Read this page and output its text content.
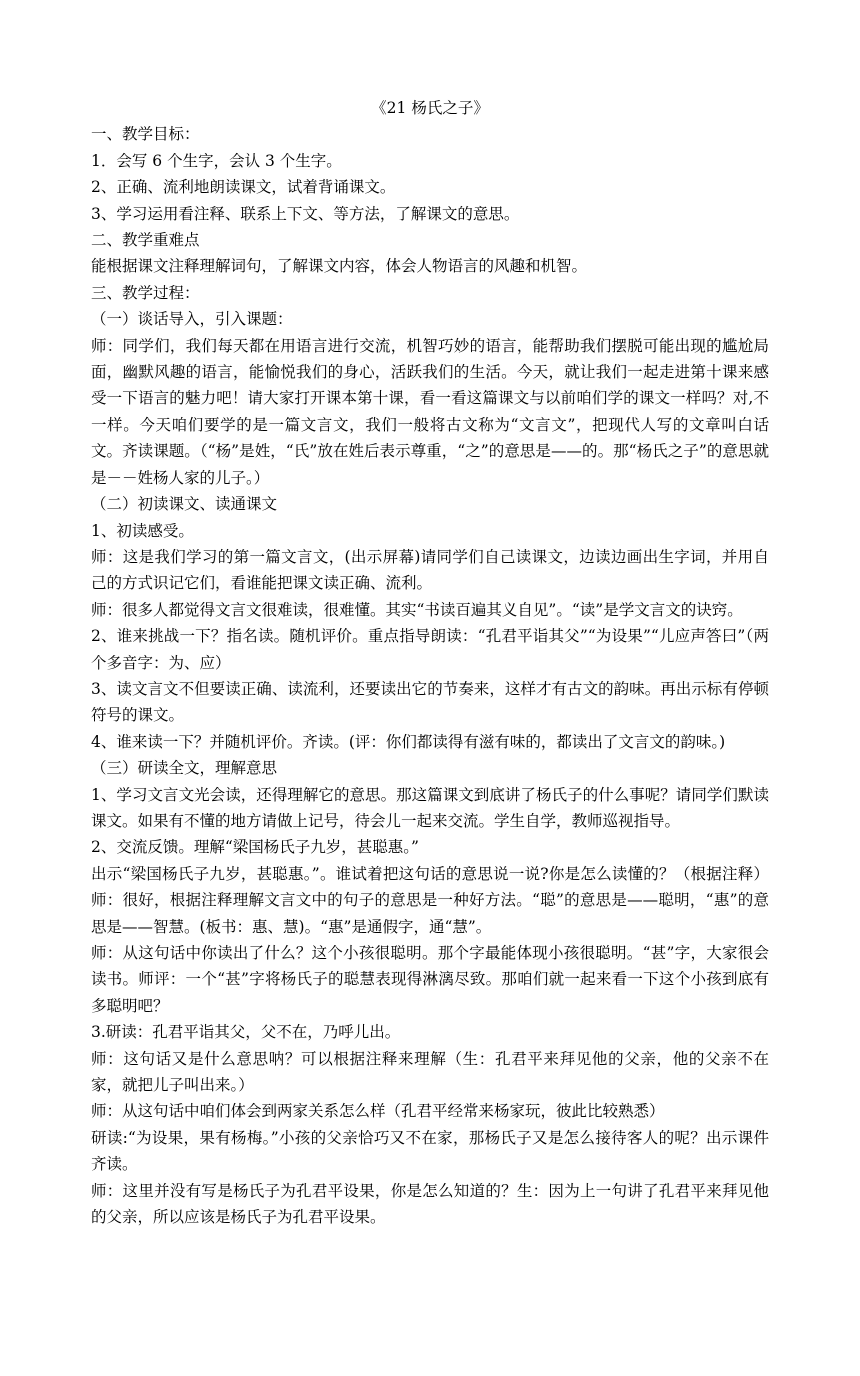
《21 杨氏之子》

一、教学目标：

1．会写 6 个生字，会认 3 个生字。

2、正确、流利地朗读课文，试着背诵课文。

3、学习运用看注释、联系上下文、等方法，了解课文的意思。

二、教学重难点

能根据课文注释理解词句，了解课文内容，体会人物语言的风趣和机智。

三、教学过程：

（一）谈话导入，引入课题：

师：同学们，我们每天都在用语言进行交流，机智巧妙的语言，能帮助我们摆脱可能出现的尴尬局面，幽默风趣的语言，能愉悦我们的身心，活跃我们的生活。今天，就让我们一起走进第十课来感受一下语言的魅力吧！请大家打开课本第十课，看一看这篇课文与以前咱们学的课文一样吗？对,不一样。今天咱们要学的是一篇文言文，我们一般将古文称为“文言文”，把现代人写的文章叫白话文。齐读课题。（“杨”是姓，“氏”放在姓后表示尊重，“之”的意思是——的。那“杨氏之子”的意思就是－－姓杨人家的儿子。）

（二）初读课文、读通课文

1、初读感受。

师：这是我们学习的第一篇文言文，(出示屏幕)请同学们自己读课文，边读边画出生字词，并用自己的方式识记它们，看谁能把课文读正确、流利。

师：很多人都觉得文言文很难读，很难懂。其实“书读百遍其义自见”。“读”是学文言文的诀窍。

2、谁来挑战一下？指名读。随机评价。重点指导朗读：“孔君平诣其父”“为设果”“儿应声答曰”（两个多音字：为、应）

3、读文言文不但要读正确、读流利，还要读出它的节奏来，这样才有古文的韵味。再出示标有停顿符号的课文。

4、谁来读一下？并随机评价。齐读。(评：你们都读得有滋有味的，都读出了文言文的韵味。)

（三）研读全文，理解意思

1、学习文言文光会读，还得理解它的意思。那这篇课文到底讲了杨氏子的什么事呢？请同学们默读课文。如果有不懂的地方请做上记号，待会儿一起来交流。学生自学，教师巡视指导。

2、交流反馈。理解“梁国杨氏子九岁，甚聪惠。”

出示“梁国杨氏子九岁，甚聪惠。”。谁试着把这句话的意思说一说?你是怎么读懂的？（根据注释）师：很好，根据注释理解文言文中的句子的意思是一种好方法。“聪”的意思是——聪明，“惠”的意思是——智慧。(板书：惠、慧)。“惠”是通假字，通“慧”。

师：从这句话中你读出了什么？这个小孩很聪明。那个字最能体现小孩很聪明。“甚”字，大家很会读书。师评：一个“甚”字将杨氏子的聪慧表现得淋漓尽致。那咱们就一起来看一下这个小孩到底有多聪明吧？

3.研读：孔君平诣其父，父不在，乃呼儿出。

师：这句话又是什么意思呐？可以根据注释来理解（生：孔君平来拜见他的父亲，他的父亲不在家，就把儿子叫出来。）

师：从这句话中咱们体会到两家关系怎么样（孔君平经常来杨家玩，彼此比较熟悉）

研读:“为设果，果有杨梅。”小孩的父亲恰巧又不在家，那杨氏子又是怎么接待客人的呢？出示课件齐读。

师：这里并没有写是杨氏子为孔君平设果，你是怎么知道的？生：因为上一句讲了孔君平来拜见他的父亲，所以应该是杨氏子为孔君平设果。
